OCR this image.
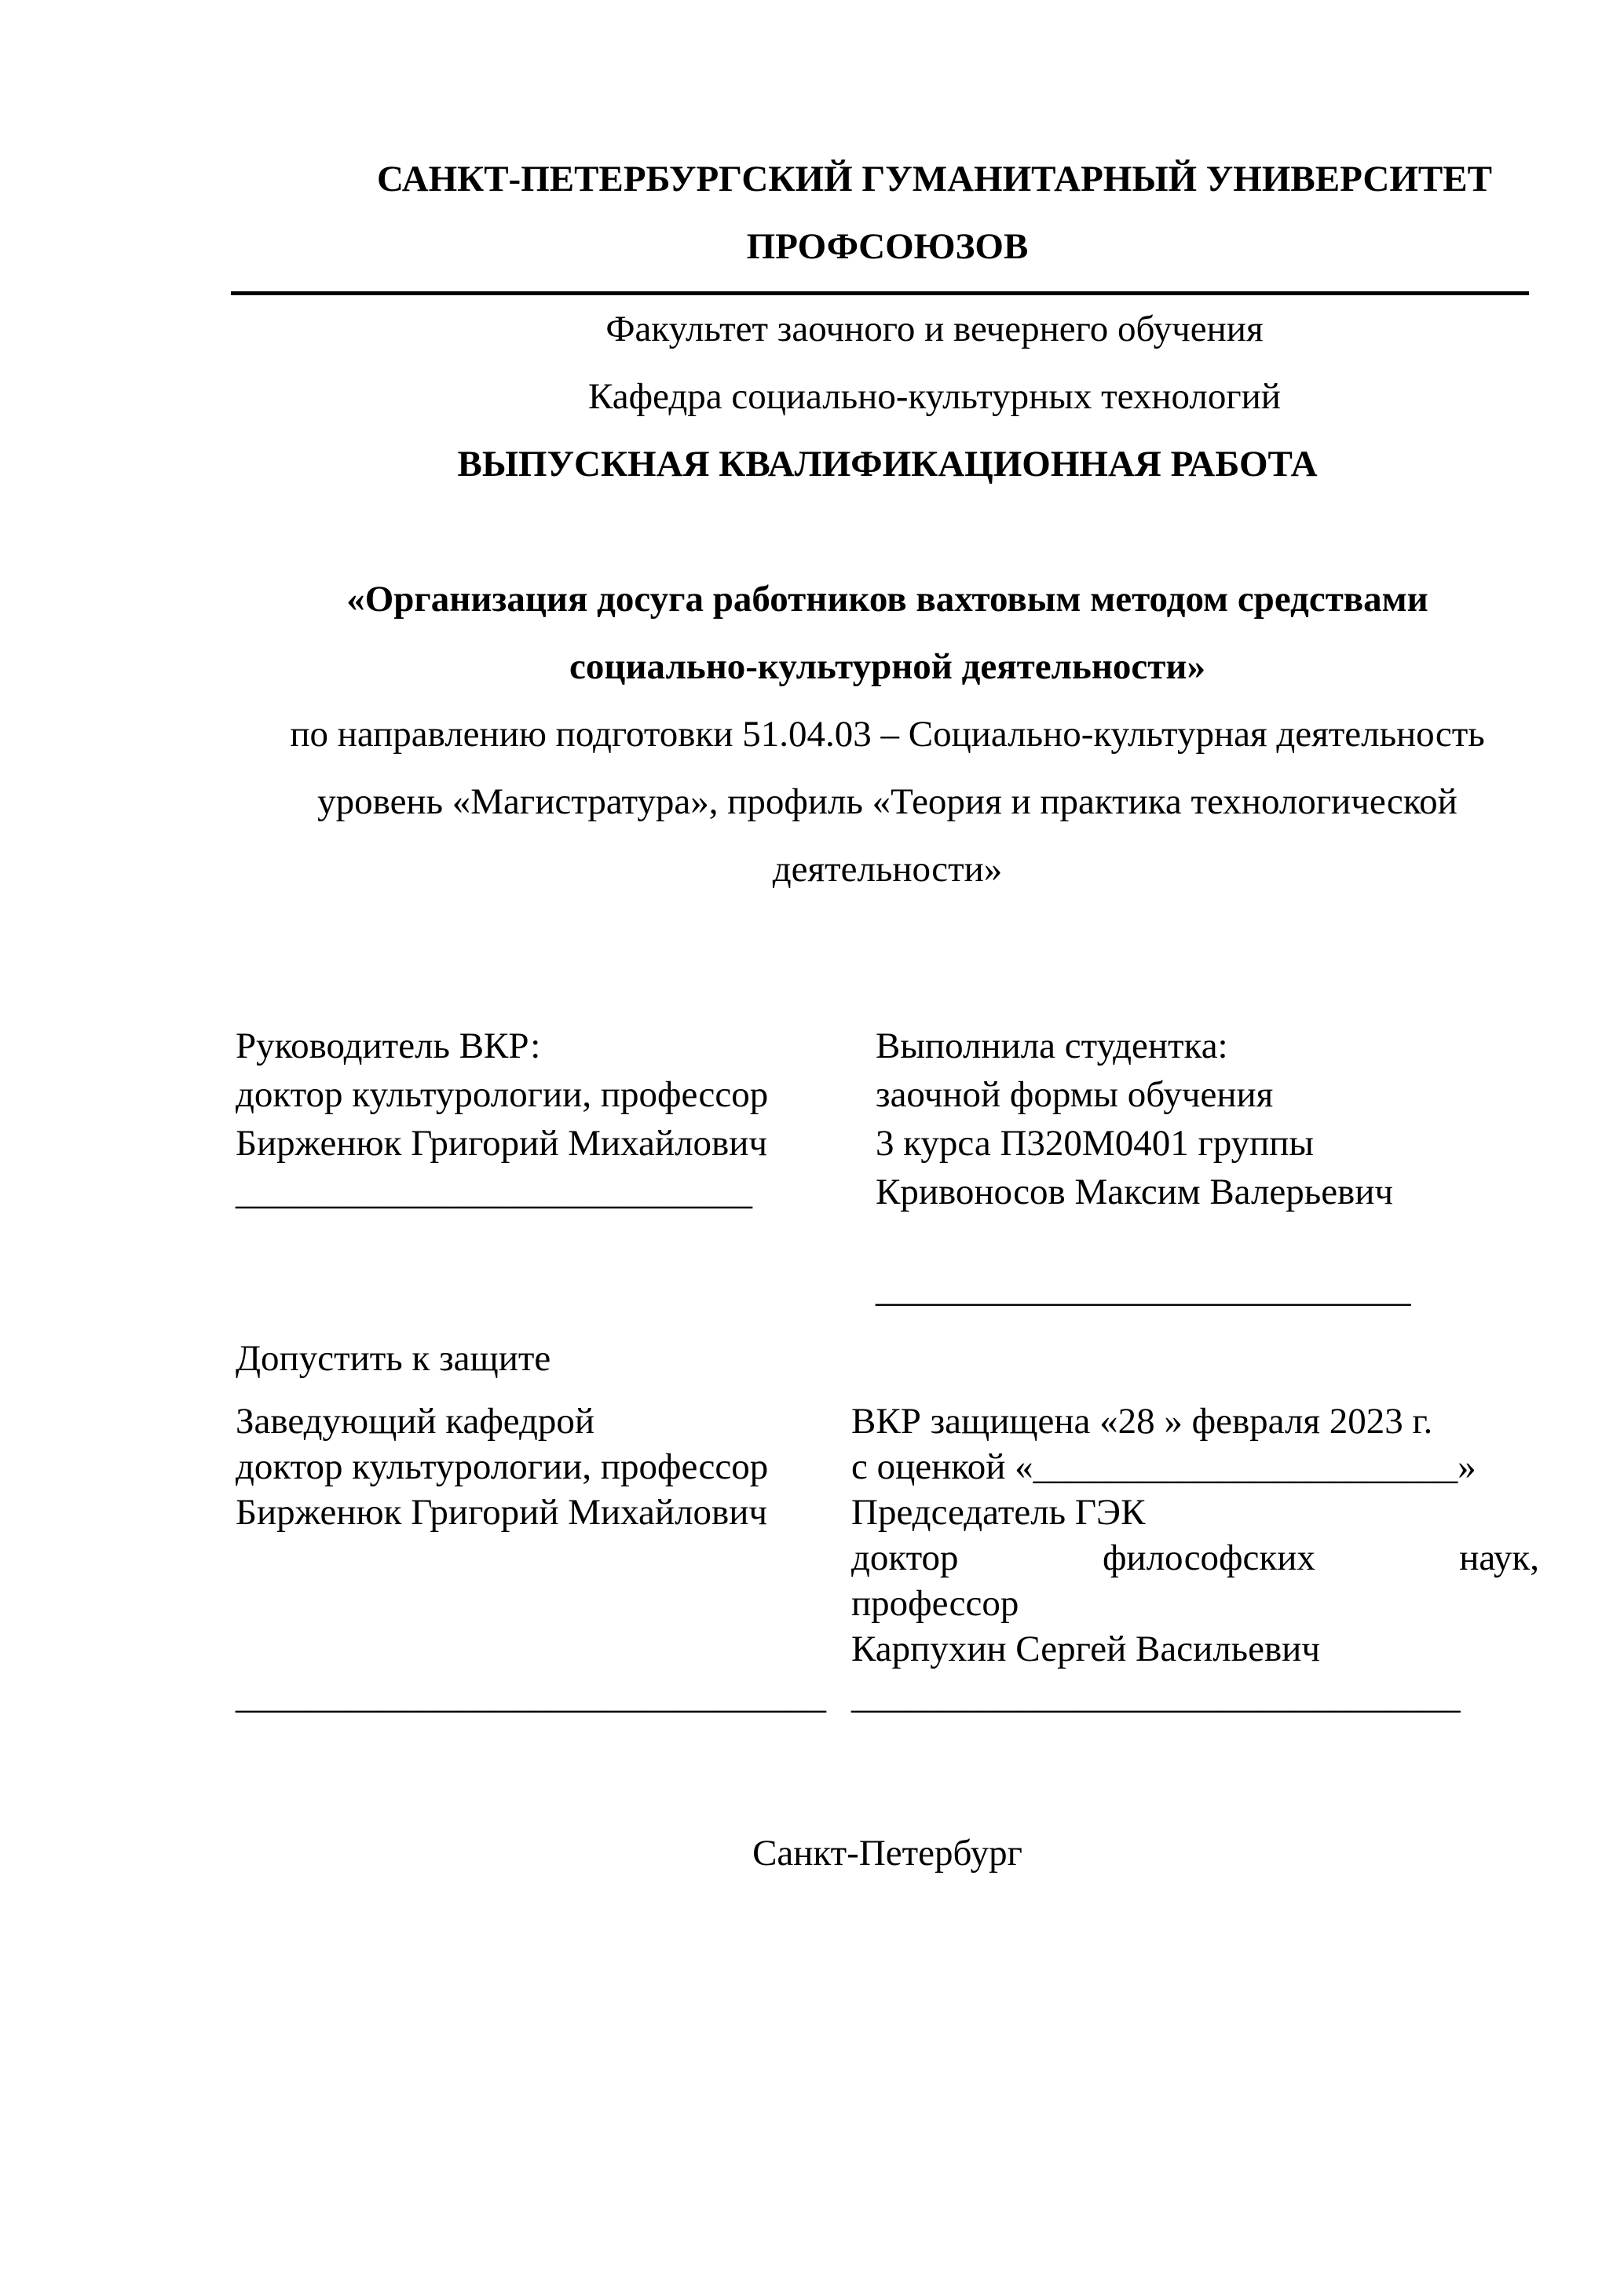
САНКТ-ПЕТЕРБУРГСКИЙ ГУМАНИТАРНЫЙ УНИВЕРСИТЕТ

ПРОФСОЮЗОВ

Факультет заочного и вечернего обучения

Кафедра социально-культурных технологий

ВЫПУСКНАЯ КВАЛИФИКАЦИОННАЯ РАБОТА

«Организация досуга работников вахтовым методом средствами

социально-культурной деятельности»

по направлению подготовки 51.04.03 – Социально-культурная деятельность

уровень «Магистратура», профиль «Теория и практика технологической

деятельности»

Руководитель ВКР:

доктор культурологии, профессор

Бирженюк Григорий Михайлович

____________________________

Выполнила студентка:

заочной формы обучения

3 курса П320М0401 группы

Кривоносов Максим Валерьевич

_____________________________

Допустить к защите

Заведующий кафедрой

доктор культурологии, профессор

Бирженюк Григорий Михайлович

ВКР защищена «28 » февраля 2023 г.

с оценкой «_______________________»

Председатель ГЭК

доктор	философских	наук,

профессор

Карпухин Сергей Васильевич

________________________________ _________________________________

Санкт-Петербург
